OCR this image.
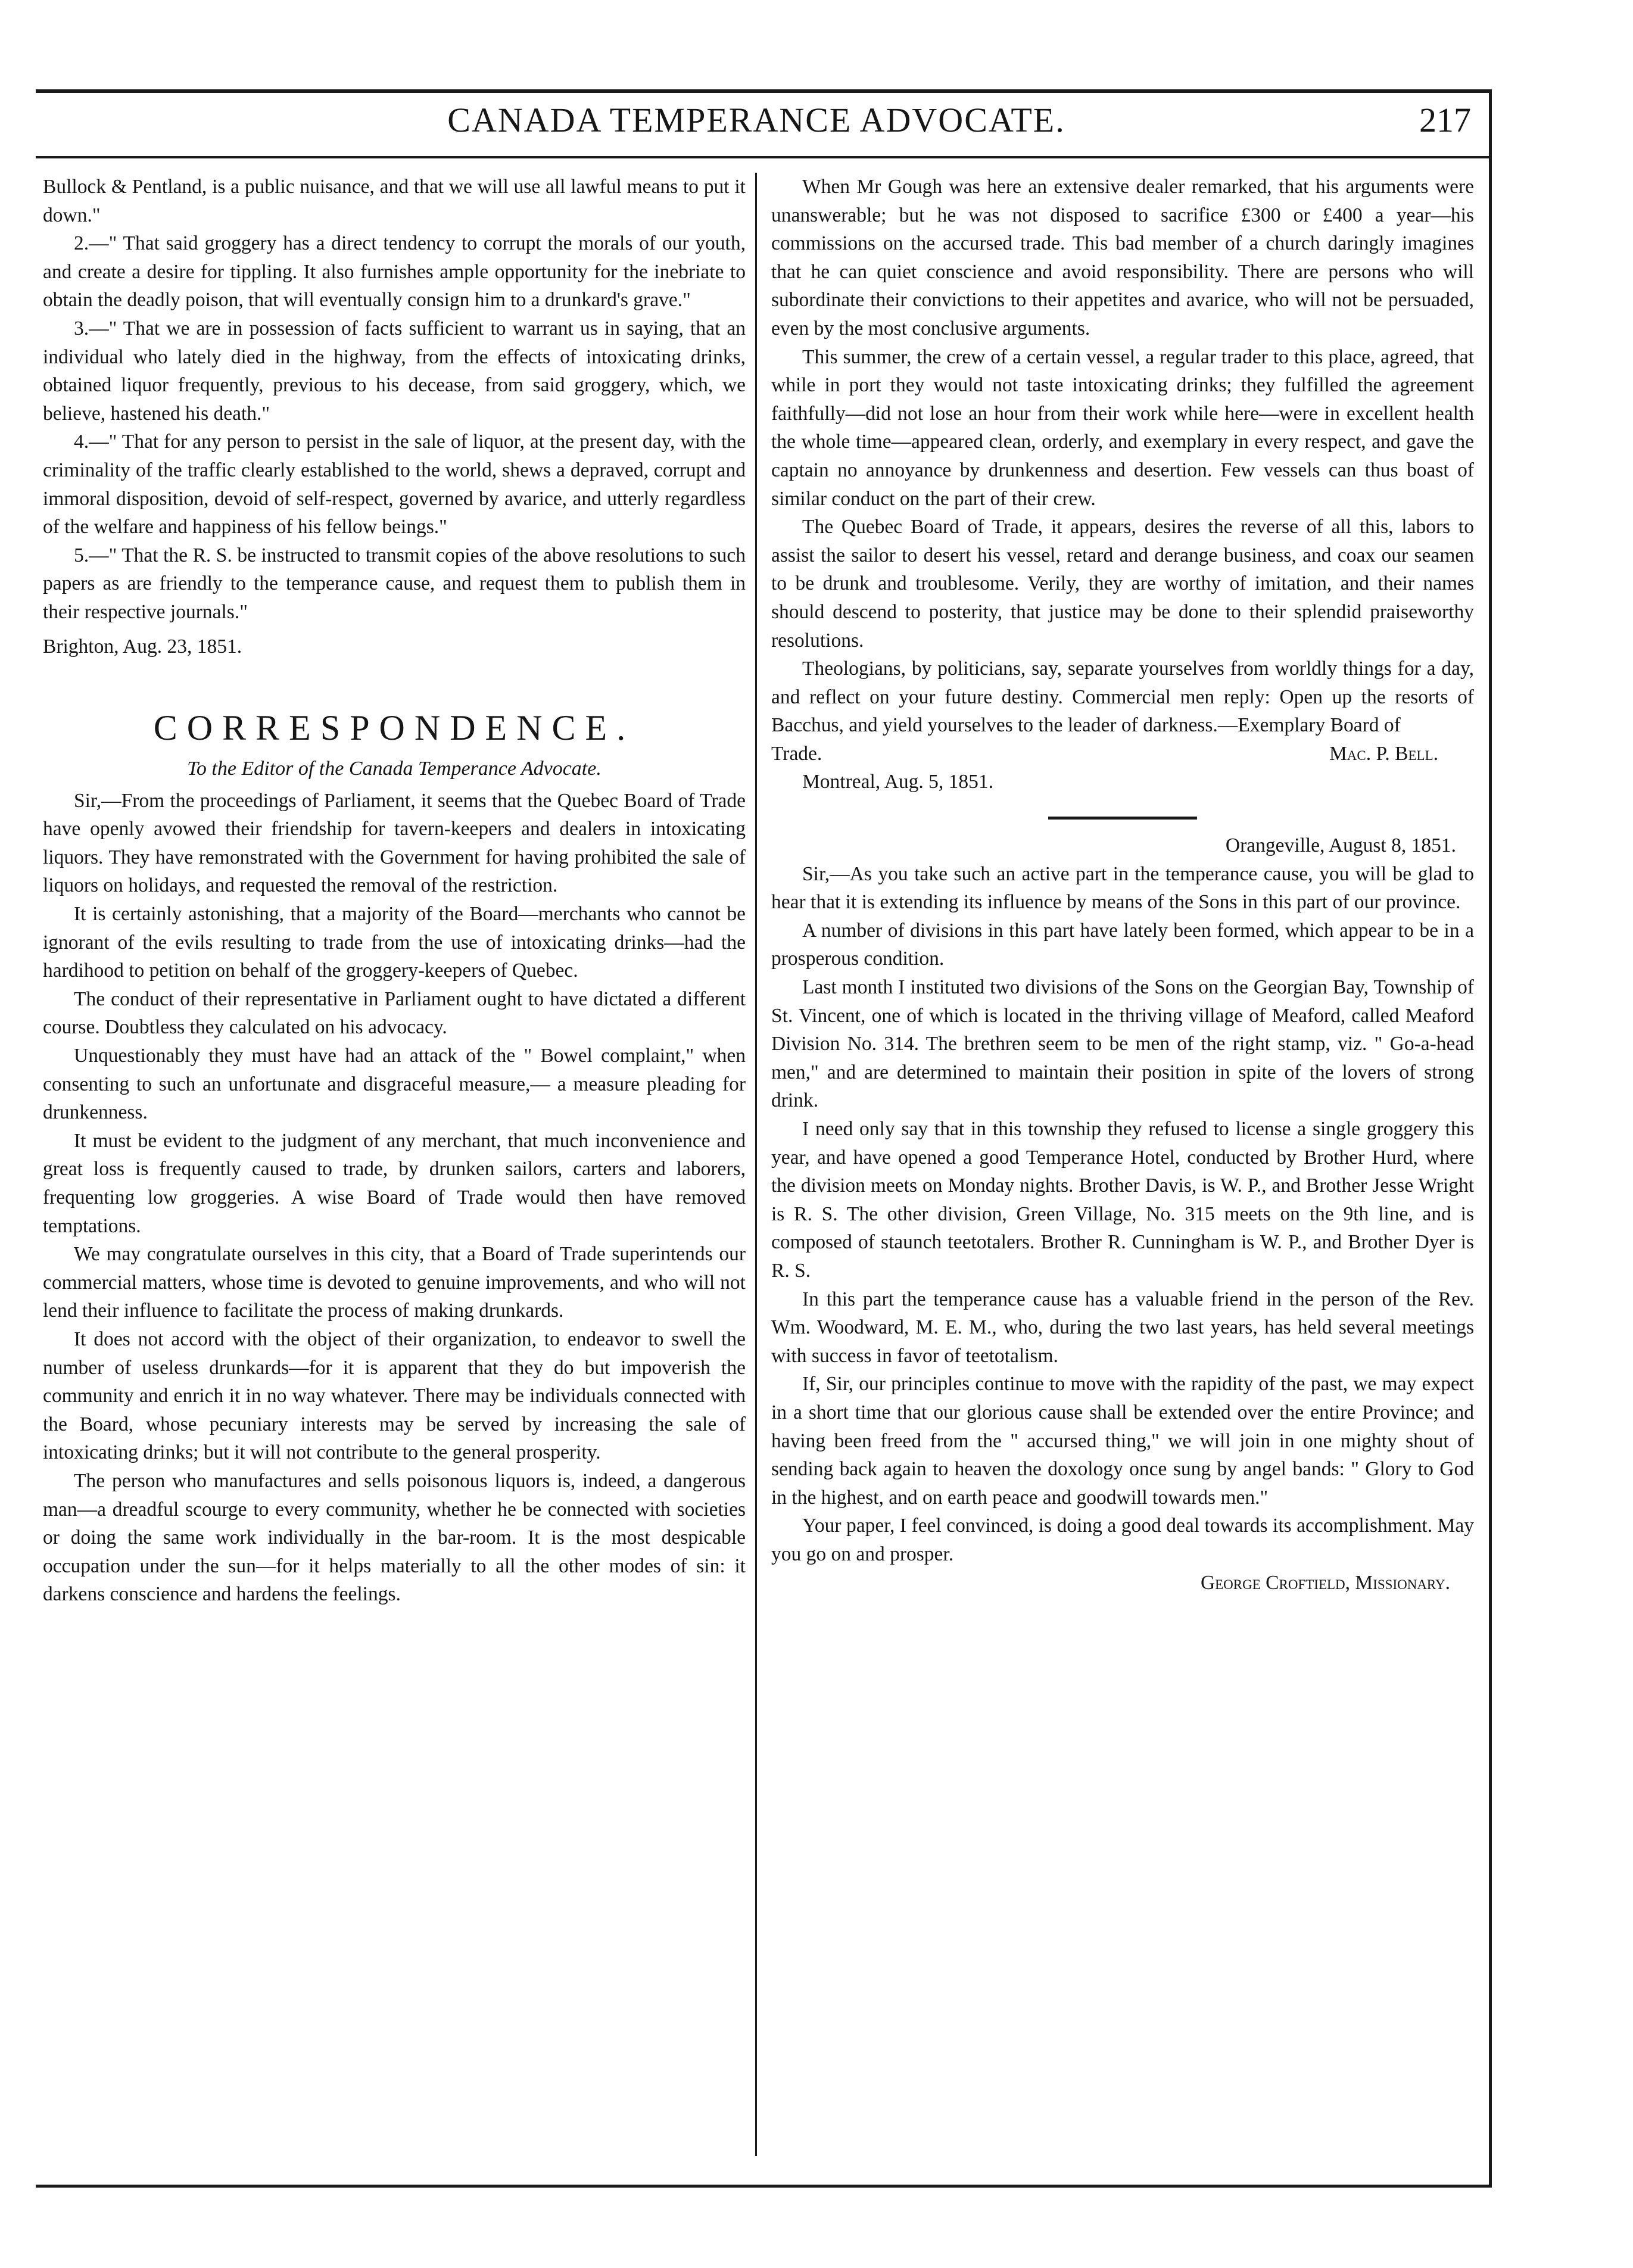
CANADA TEMPERANCE ADVOCATE.	217

Bullock & Pentland, is a public nuisance, and that we will use all lawful means to put it down."

2.—" That said groggery has a direct tendency to corrupt the morals of our youth, and create a desire for tippling. It also furnishes ample opportunity for the inebriate to obtain the deadly poison, that will eventually consign him to a drunkard's grave."

3.—" That we are in possession of facts sufficient to warrant us in saying, that an individual who lately died in the highway, from the effects of intoxicating drinks, obtained liquor frequently, previous to his decease, from said groggery, which, we believe, hastened his death."

4.—" That for any person to persist in the sale of liquor, at the present day, with the criminality of the traffic clearly established to the world, shews a depraved, corrupt and immoral disposition, devoid of self-respect, governed by avarice, and utterly regardless of the welfare and happiness of his fellow beings."

5.—" That the R. S. be instructed to transmit copies of the above resolutions to such papers as are friendly to the temperance cause, and request them to publish them in their respective journals."

Brighton, Aug. 23, 1851.

CORRESPONDENCE.

To the Editor of the Canada Temperance Advocate.

Sir,—From the proceedings of Parliament, it seems that the Quebec Board of Trade have openly avowed their friendship for tavern-keepers and dealers in intoxicating liquors. They have remonstrated with the Government for having prohibited the sale of liquors on holidays, and requested the removal of the restriction.

It is certainly astonishing, that a majority of the Board—merchants who cannot be ignorant of the evils resulting to trade from the use of intoxicating drinks—had the hardihood to petition on behalf of the groggery-keepers of Quebec.

The conduct of their representative in Parliament ought to have dictated a different course. Doubtless they calculated on his advocacy.

Unquestionably they must have had an attack of the " Bowel complaint," when consenting to such an unfortunate and disgraceful measure,— a measure pleading for drunkenness.

It must be evident to the judgment of any merchant, that much inconvenience and great loss is frequently caused to trade, by drunken sailors, carters and laborers, frequenting low groggeries. A wise Board of Trade would then have removed temptations.

We may congratulate ourselves in this city, that a Board of Trade superintends our commercial matters, whose time is devoted to genuine improvements, and who will not lend their influence to facilitate the process of making drunkards.

It does not accord with the object of their organization, to endeavor to swell the number of useless drunkards—for it is apparent that they do but impoverish the community and enrich it in no way whatever. There may be individuals connected with the Board, whose pecuniary interests may be served by increasing the sale of intoxicating drinks; but it will not contribute to the general prosperity.

The person who manufactures and sells poisonous liquors is, indeed, a dangerous man—a dreadful scourge to every community, whether he be connected with societies or doing the same work individually in the bar-room. It is the most despicable occupation under the sun—for it helps materially to all the other modes of sin: it darkens conscience and hardens the feelings.

When Mr Gough was here an extensive dealer remarked, that his arguments were unanswerable; but he was not disposed to sacrifice £300 or £400 a year—his commissions on the accursed trade. This bad member of a church daringly imagines that he can quiet conscience and avoid responsibility. There are persons who will subordinate their convictions to their appetites and avarice, who will not be persuaded, even by the most conclusive arguments.

This summer, the crew of a certain vessel, a regular trader to this place, agreed, that while in port they would not taste intoxicating drinks; they fulfilled the agreement faithfully—did not lose an hour from their work while here—were in excellent health the whole time—appeared clean, orderly, and exemplary in every respect, and gave the captain no annoyance by drunkenness and desertion. Few vessels can thus boast of similar conduct on the part of their crew.

The Quebec Board of Trade, it appears, desires the reverse of all this, labors to assist the sailor to desert his vessel, retard and derange business, and coax our seamen to be drunk and troublesome. Verily, they are worthy of imitation, and their names should descend to posterity, that justice may be done to their splendid praiseworthy resolutions.

Theologians, by politicians, say, separate yourselves from worldly things for a day, and reflect on your future destiny. Commercial men reply: Open up the resorts of Bacchus, and yield yourselves to the leader of darkness.—Exemplary Board of

Trade.	Mac. P. Bell.

Montreal, Aug. 5, 1851.

Orangeville, August 8, 1851.

Sir,—As you take such an active part in the temperance cause, you will be glad to hear that it is extending its influence by means of the Sons in this part of our province.

A number of divisions in this part have lately been formed, which appear to be in a prosperous condition.

Last month I instituted two divisions of the Sons on the Georgian Bay, Township of St. Vincent, one of which is located in the thriving village of Meaford, called Meaford Division No. 314. The brethren seem to be men of the right stamp, viz. " Go-a-head men," and are determined to maintain their position in spite of the lovers of strong drink.

I need only say that in this township they refused to license a single groggery this year, and have opened a good Temperance Hotel, conducted by Brother Hurd, where the division meets on Monday nights. Brother Davis, is W. P., and Brother Jesse Wright is R. S. The other division, Green Village, No. 315 meets on the 9th line, and is composed of staunch teetotalers. Brother R. Cunningham is W. P., and Brother Dyer is R. S.

In this part the temperance cause has a valuable friend in the person of the Rev. Wm. Woodward, M. E. M., who, during the two last years, has held several meetings with success in favor of teetotalism.

If, Sir, our principles continue to move with the rapidity of the past, we may expect in a short time that our glorious cause shall be extended over the entire Province; and having been freed from the " accursed thing," we will join in one mighty shout of sending back again to heaven the doxology once sung by angel bands: " Glory to God in the highest, and on earth peace and goodwill towards men."

Your paper, I feel convinced, is doing a good deal towards its accomplishment. May you go on and prosper.

George Croftield, Missionary.
